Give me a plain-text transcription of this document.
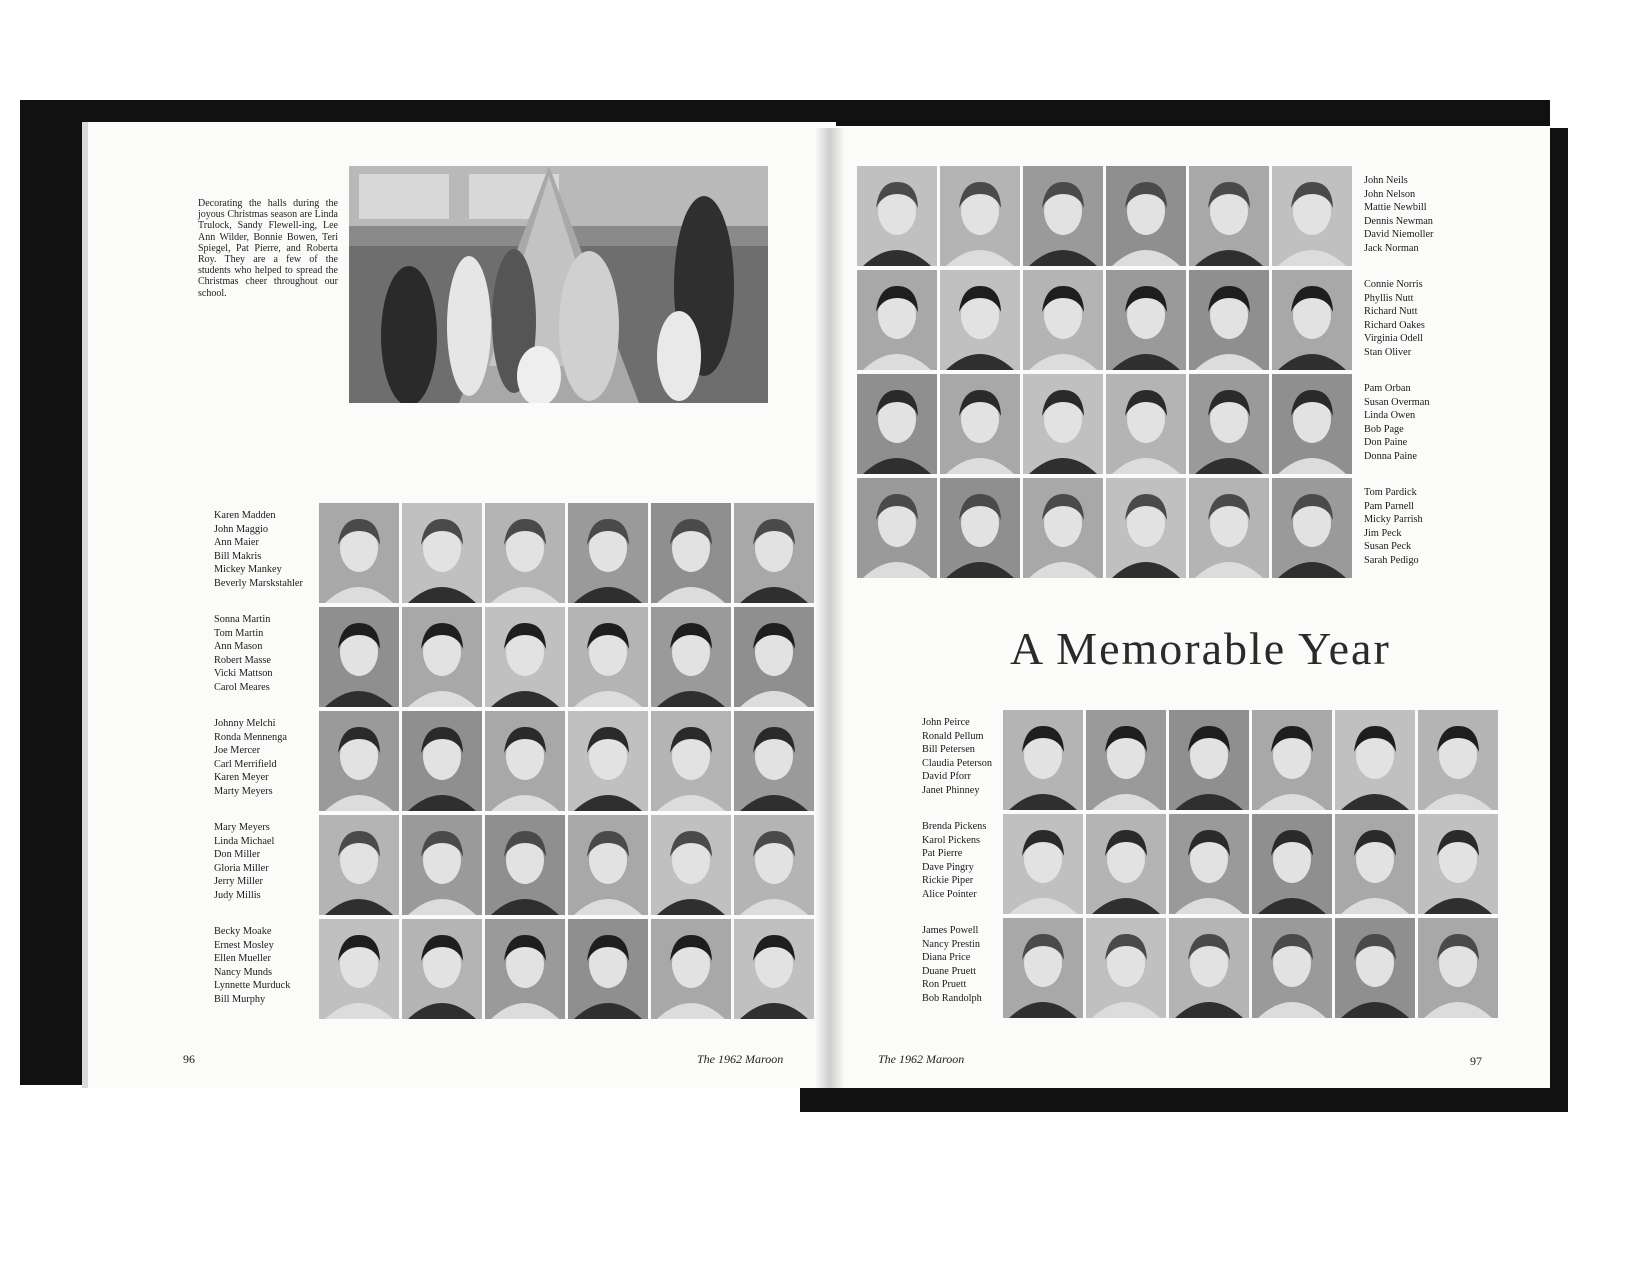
Decorating the halls during the joyous Christmas season are Linda Trulock, Sandy Flewell-ing, Lee Ann Wilder, Bonnie Bowen, Teri Spiegel, Pat Pierre, and Roberta Roy. They are a few of the students who helped to spread the Christmas cheer throughout our school.
Karen Madden
John Maggio
Ann Maier
Bill Makris
Mickey Mankey
Beverly Marskstahler
Sonna Martin
Tom Martin
Ann Mason
Robert Masse
Vicki Mattson
Carol Meares
Johnny Melchi
Ronda Mennenga
Joe Mercer
Carl Merrifield
Karen Meyer
Marty Meyers
Mary Meyers
Linda Michael
Don Miller
Gloria Miller
Jerry Miller
Judy Millis
Becky Moake
Ernest Mosley
Ellen Mueller
Nancy Munds
Lynnette Murduck
Bill Murphy
96	The 1962 Maroon
John Neils
John Nelson
Mattie Newbill
Dennis Newman
David Niemoller
Jack Norman
Connie Norris
Phyllis Nutt
Richard Nutt
Richard Oakes
Virginia Odell
Stan Oliver
Pam Orban
Susan Overman
Linda Owen
Bob Page
Don Paine
Donna Paine
Tom Pardick
Pam Parnell
Micky Parrish
Jim Peck
Susan Peck
Sarah Pedigo
A Memorable Year
John Peirce
Ronald Pellum
Bill Petersen
Claudia Peterson
David Pforr
Janet Phinney
Brenda Pickens
Karol Pickens
Pat Pierre
Dave Pingry
Rickie Piper
Alice Pointer
James Powell
Nancy Prestin
Diana Price
Duane Pruett
Ron Pruett
Bob Randolph
The 1962 Maroon	97
